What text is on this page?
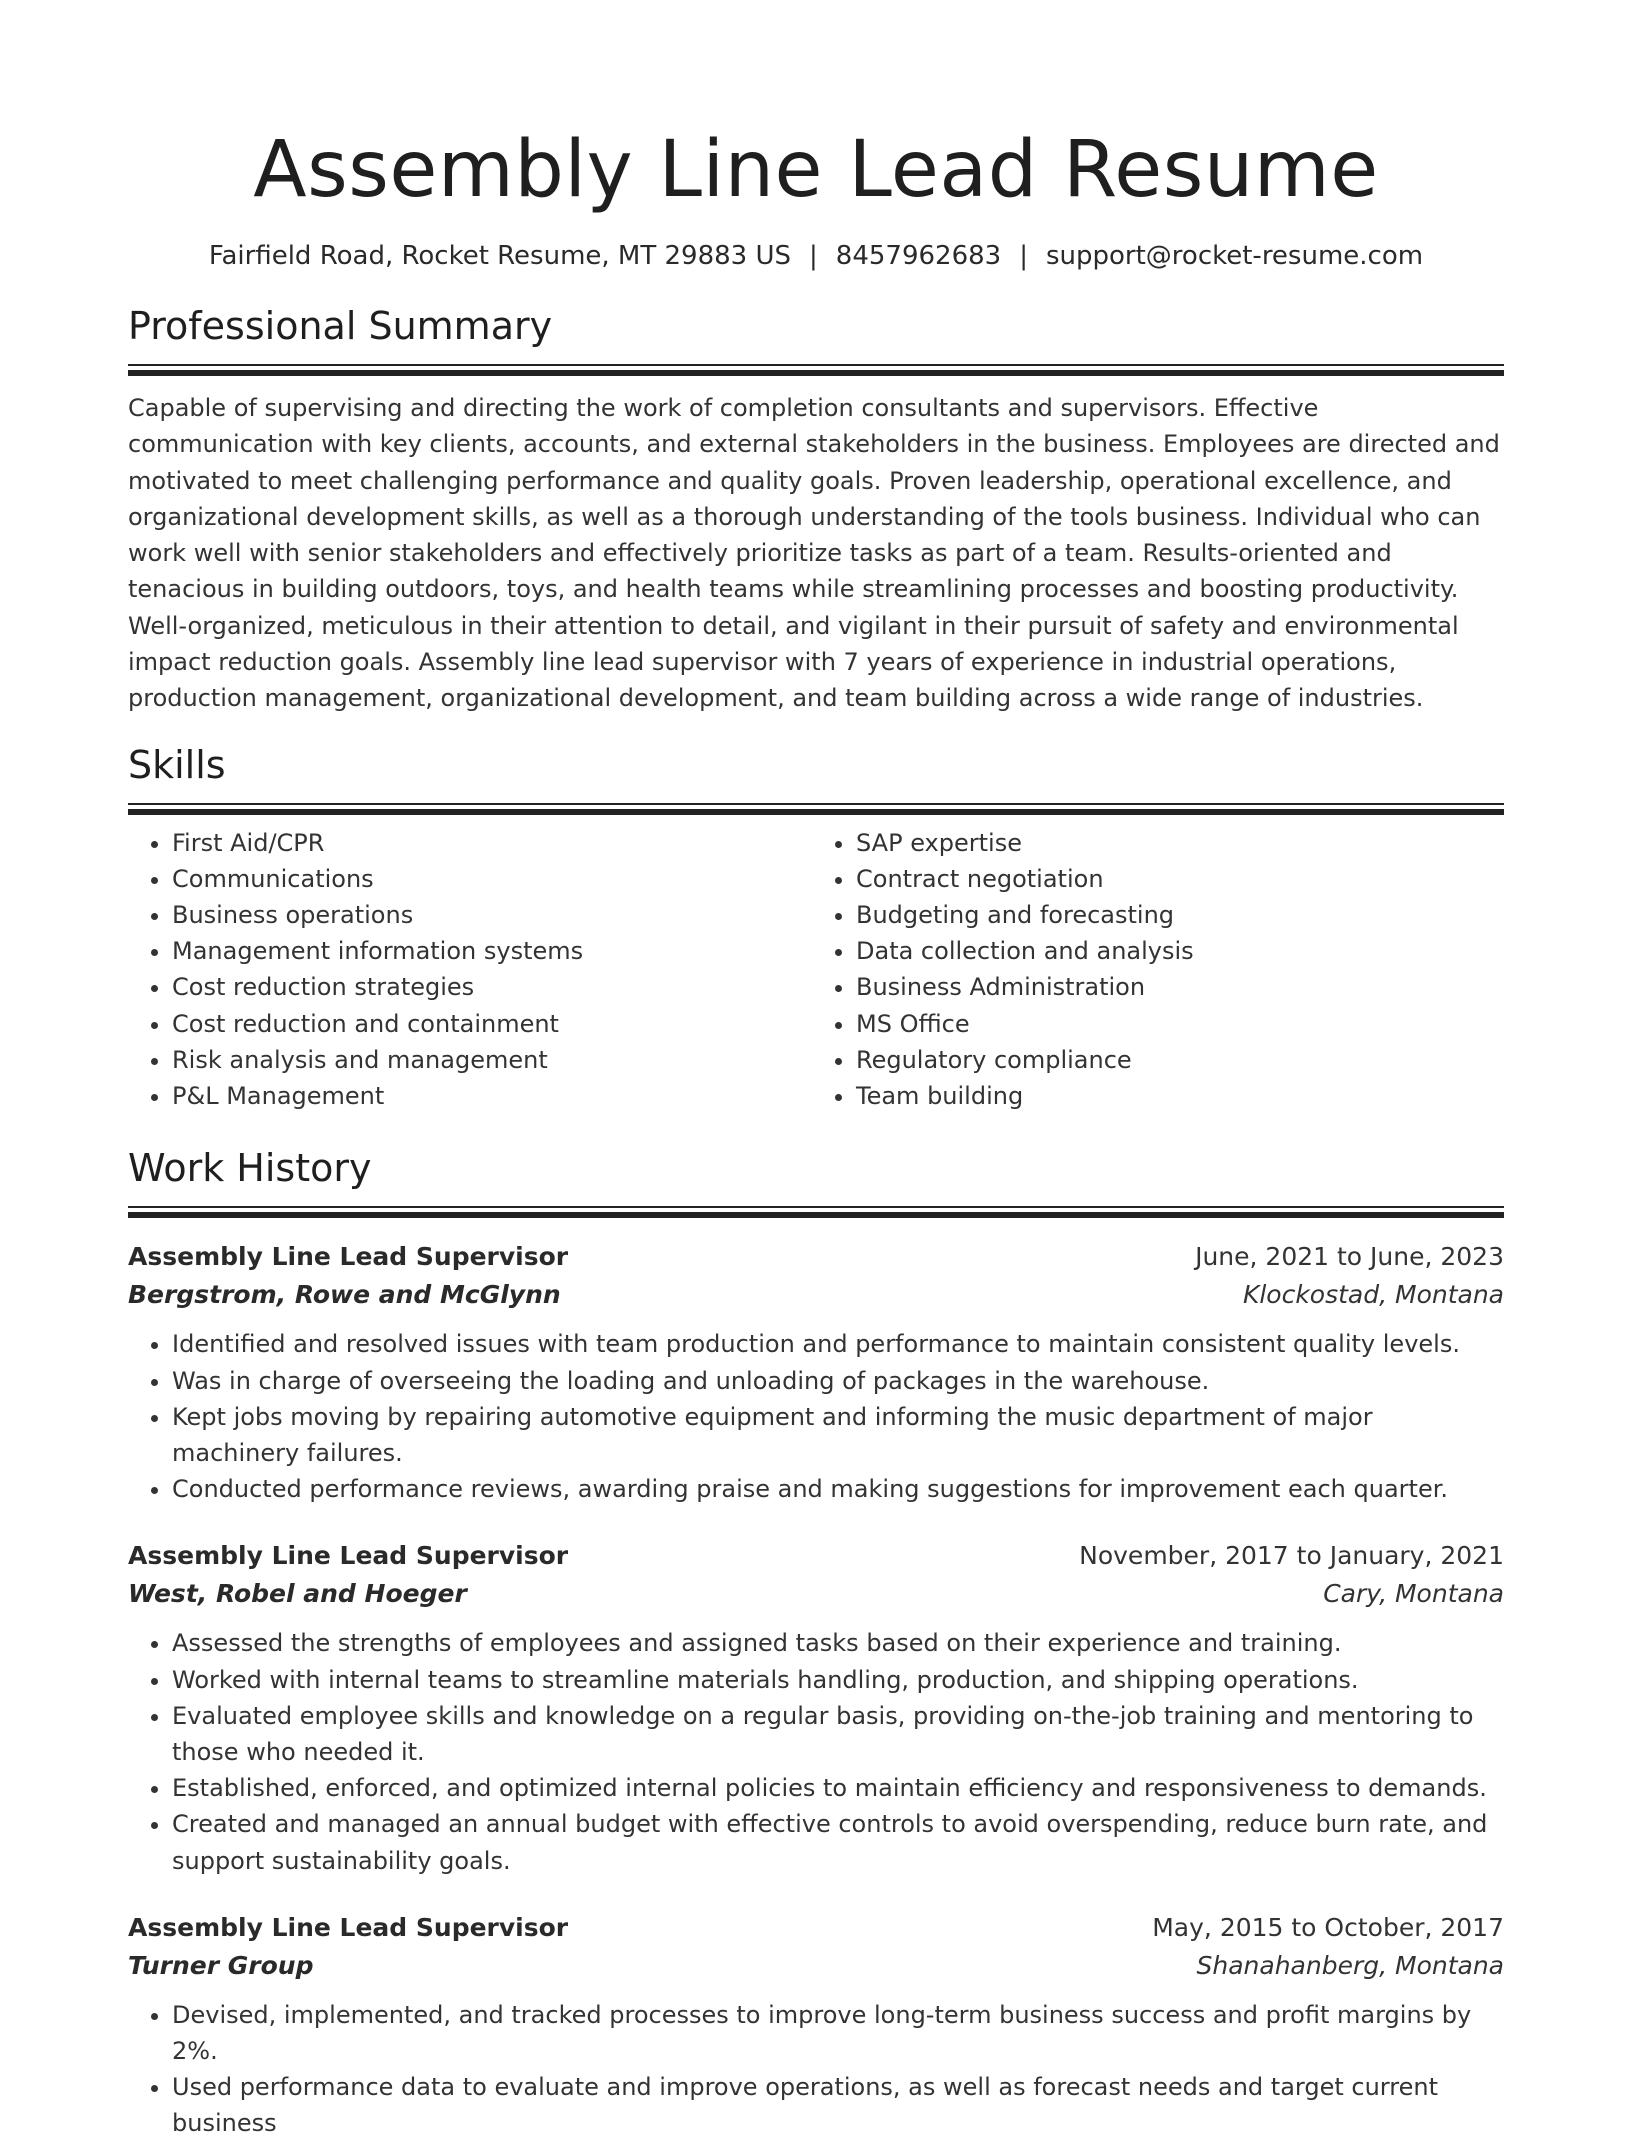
Assembly Line Lead Resume
Fairfield Road, Rocket Resume, MT 29883 US | 8457962683 | support@rocket-resume.com
Professional Summary

Capable of supervising and directing the work of completion consultants and supervisors. Effective communication with key clients, accounts, and external stakeholders in the business. Employees are directed and motivated to meet challenging performance and quality goals. Proven leadership, operational excellence, and organizational development skills, as well as a thorough understanding of the tools business. Individual who can work well with senior stakeholders and effectively prioritize tasks as part of a team. Results-oriented and tenacious in building outdoors, toys, and health teams while streamlining processes and boosting productivity. Well-organized, meticulous in their attention to detail, and vigilant in their pursuit of safety and environmental impact reduction goals. Assembly line lead supervisor with 7 years of experience in industrial operations, production management, organizational development, and team building across a wide range of industries.

Skills
• First Aid/CPR
• Communications
• Business operations
• Management information systems
• Cost reduction strategies
• Cost reduction and containment
• Risk analysis and management
• P&L Management
• SAP expertise
• Contract negotiation
• Budgeting and forecasting
• Data collection and analysis
• Business Administration
• MS Office
• Regulatory compliance
• Team building
Work History
Assembly Line Lead Supervisor	June, 2021 to June, 2023
Bergstrom, Rowe and McGlynn	Klockostad, Montana
• Identified and resolved issues with team production and performance to maintain consistent quality levels.
• Was in charge of overseeing the loading and unloading of packages in the warehouse.
• Kept jobs moving by repairing automotive equipment and informing the music department of major machinery failures.
• Conducted performance reviews, awarding praise and making suggestions for improvement each quarter.
Assembly Line Lead Supervisor	November, 2017 to January, 2021
West, Robel and Hoeger	Cary, Montana
• Assessed the strengths of employees and assigned tasks based on their experience and training.
• Worked with internal teams to streamline materials handling, production, and shipping operations.
• Evaluated employee skills and knowledge on a regular basis, providing on-the-job training and mentoring to those who needed it.
• Established, enforced, and optimized internal policies to maintain efficiency and responsiveness to demands.
• Created and managed an annual budget with effective controls to avoid overspending, reduce burn rate, and support sustainability goals.
Assembly Line Lead Supervisor	May, 2015 to October, 2017
Turner Group	Shanahanberg, Montana
• Devised, implemented, and tracked processes to improve long-term business success and profit margins by 2%.
• Used performance data to evaluate and improve operations, as well as forecast needs and target current business
